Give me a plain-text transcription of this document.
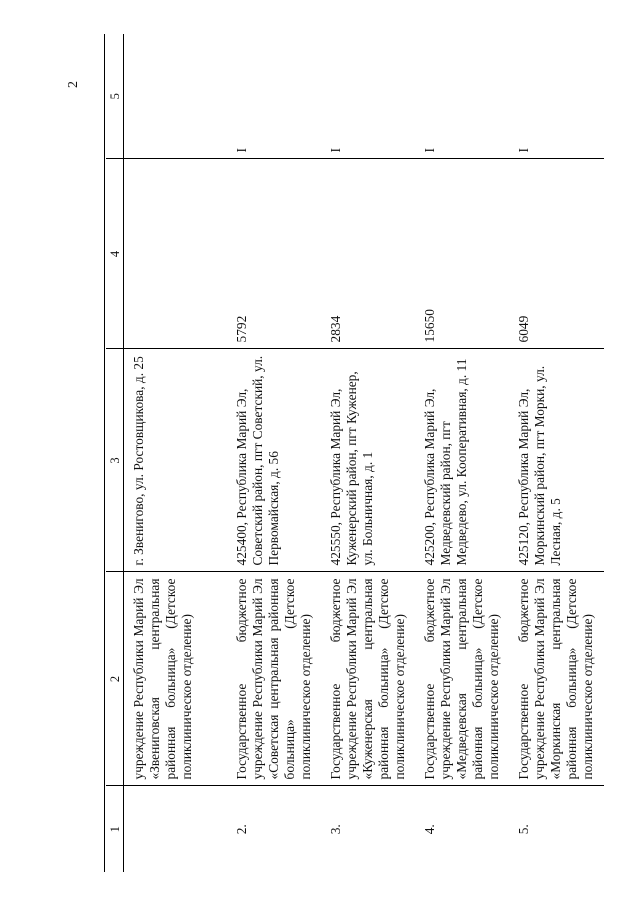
2
1	2	3	4	5
	учреждение Республики Марий Эл «Звениговская центральная районная больница» (Детское поликлиническое отделение)	г. Звенигово, ул. Ростовщикова, д. 25		
2.	Государственное бюджетное учреждение Республики Марий Эл «Советская центральная районная больница» (Детское поликлиническое отделение)	425400, Республика Марий Эл, Советский район, пгт Советский, ул. Первомайская, д. 56	5792	I
3.	Государственное бюджетное учреждение Республики Марий Эл «Куженерская центральная районная больница» (Детское поликлиническое отделение)	425550, Республика Марий Эл, Куженерский район, пгт Куженер, ул. Больничная, д. 1	2834	I
4.	Государственное бюджетное учреждение Республики Марий Эл «Медведевская центральная районная больница» (Детское поликлиническое отделение)	425200, Республика Марий Эл, Медведевский район, пгт Медведево, ул. Кооперативная, д. 11	15650	I
5.	Государственное бюджетное учреждение Республики Марий Эл «Моркинская центральная районная больница» (Детское поликлиническое отделение)	425120, Республика Марий Эл, Моркинский район, пгт Морки, ул. Лесная, д. 5	6049	I
